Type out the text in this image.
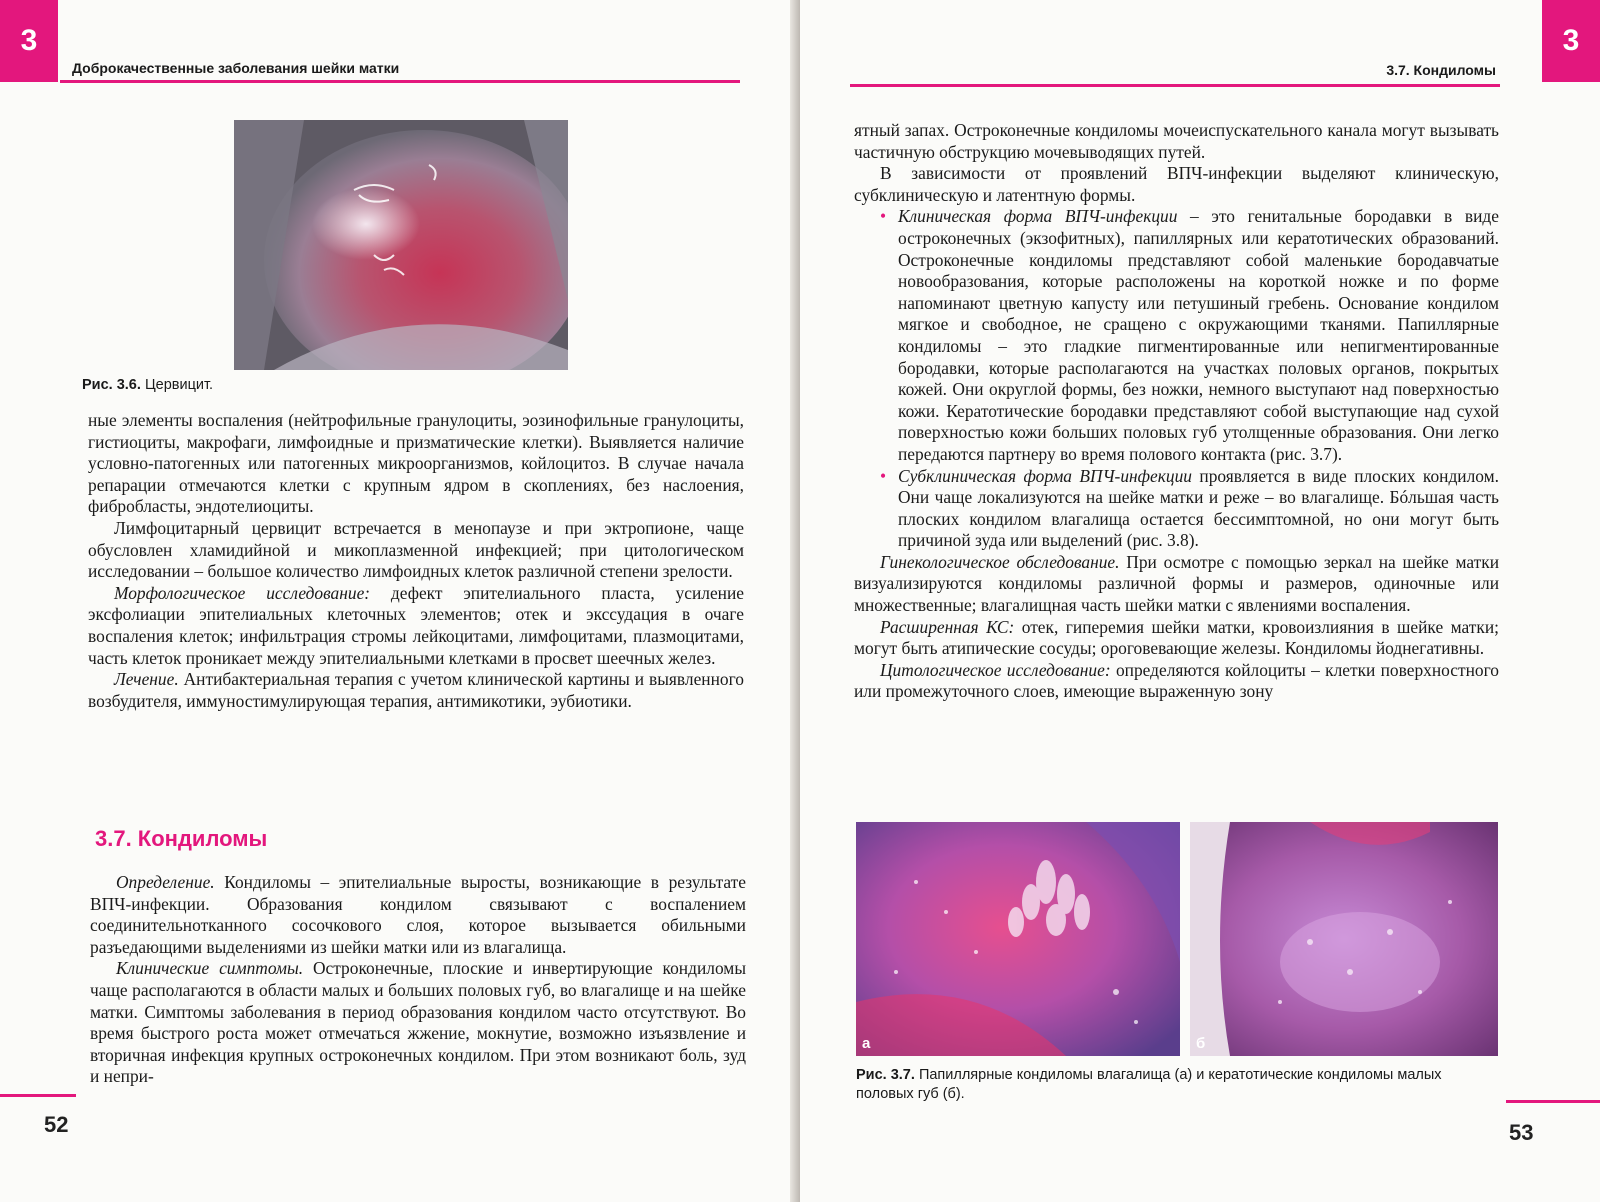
3
Доброкачественные заболевания шейки матки
Рис. 3.6. Цервицит.

ные элементы воспаления (нейтрофильные гранулоциты, эозинофильные гранулоциты, гистиоциты, макрофаги, лимфоидные и призматические клетки). Выявляется наличие условно-патогенных или патогенных микроорганизмов, койлоцитоз. В случае начала репарации отмечаются клетки с крупным ядром в скоплениях, без наслоения, фибробласты, эндотелиоциты.

Лимфоцитарный цервицит встречается в менопаузе и при эктропионе, чаще обусловлен хламидийной и микоплазменной инфекцией; при цитологическом исследовании – большое количество лимфоидных клеток различной степени зрелости.

Морфологическое исследование: дефект эпителиального пласта, усиление эксфолиации эпителиальных клеточных элементов; отек и экссудация в очаге воспаления клеток; инфильтрация стромы лейкоцитами, лимфоцитами, плазмоцитами, часть клеток проникает между эпителиальными клетками в просвет шеечных желез.

Лечение. Антибактериальная терапия с учетом клинической картины и выявленного возбудителя, иммуностимулирующая терапия, антимикотики, эубиотики.

3.7. Кондиломы

Определение. Кондиломы – эпителиальные выросты, возникающие в результате ВПЧ-инфекции. Образования кондилом связывают с воспалением соединительнотканного сосочкового слоя, которое вызывается обильными разъедающими выделениями из шейки матки или из влагалища.

Клинические симптомы. Остроконечные, плоские и инвертирующие кондиломы чаще располагаются в области малых и больших половых губ, во влагалище и на шейке матки. Симптомы заболевания в период образования кондилом часто отсутствуют. Во время быстрого роста может отмечаться жжение, мокнутие, возможно изъязвление и вторичная инфекция крупных остроконечных кондилом. При этом возникают боль, зуд и непри-

52
3.7. Кондиломы
3

ятный запах. Остроконечные кондиломы мочеиспускательного канала могут вызывать частичную обструкцию мочевыводящих путей.

В зависимости от проявлений ВПЧ-инфекции выделяют клиническую, субклиническую и латентную формы.

• Клиническая форма ВПЧ-инфекции – это генитальные бородавки в виде остроконечных (экзофитных), папиллярных или кератотических образований. Остроконечные кондиломы представляют собой маленькие бородавчатые новообразования, которые расположены на короткой ножке и по форме напоминают цветную капусту или петушиный гребень. Основание кондилом мягкое и свободное, не сращено с окружающими тканями. Папиллярные кондиломы – это гладкие пигментированные или непигментированные бородавки, которые располагаются на участках половых органов, покрытых кожей. Они округлой формы, без ножки, немного выступают над поверхностью кожи. Кератотические бородавки представляют собой выступающие над сухой поверхностью кожи больших половых губ утолщенные образования. Они легко передаются партнеру во время полового контакта (рис. 3.7).
• Субклиническая форма ВПЧ-инфекции проявляется в виде плоских кондилом. Они чаще локализуются на шейке матки и реже – во влагалище. Бóльшая часть плоских кондилом влагалища остается бессимптомной, но они могут быть причиной зуда или выделений (рис. 3.8).

Гинекологическое обследование. При осмотре с помощью зеркал на шейке матки визуализируются кондиломы различной формы и размеров, одиночные или множественные; влагалищная часть шейки матки с явлениями воспаления.

Расширенная КС: отек, гиперемия шейки матки, кровоизлияния в шейке матки; могут быть атипические сосуды; ороговевающие железы. Кондиломы йоднегативны.

Цитологическое исследование: определяются койлоциты – клетки поверхностного или промежуточного слоев, имеющие выраженную зону

а	б
Рис. 3.7. Папиллярные кондиломы влагалища (а) и кератотические кондиломы малых половых губ (б).
53
